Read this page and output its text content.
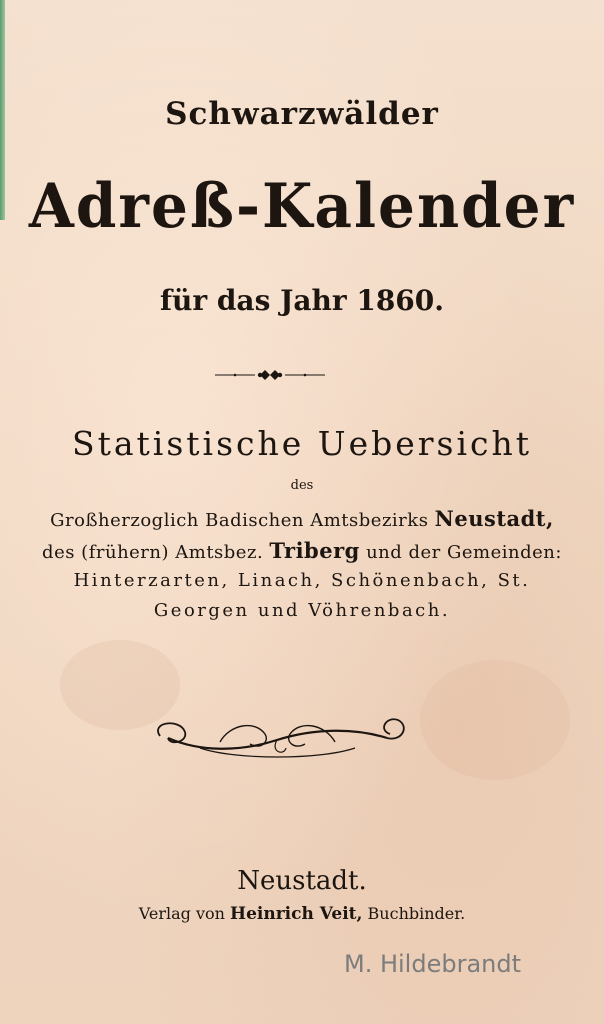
Schwarzwälder
Adreß-Kalender
für das Jahr 1860.
Statistische Uebersicht
des
Großherzoglich Badischen Amtsbezirks Neustadt,
des (frühern) Amtsbez. Triberg und der Gemeinden:
Hinterzarten, Linach, Schönenbach, St.
Georgen und Vöhrenbach.
Neustadt.
Verlag von Heinrich Veit, Buchbinder.
M. Hildebrandt
